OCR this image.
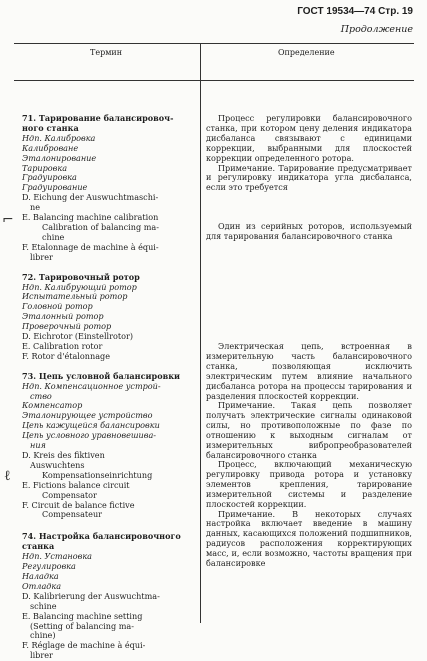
ГОСТ 19534—74 Стр. 19
Продолжение
Термин	Определение
⌐
ℓ
71. Тарирование балансировоч-
ного станка
Ндп. Калибровка
Калиброване
Эталонирование
Тарировка
Градуировка
Градуирование
D. Eichung der Auswuchtmaschi-
ne
E. Balancing machine calibration
Calibration of balancing ma-
chine
F. Etalonnage de machine à équi-
librer
72. Тарировочный ротор
Ндп. Калибрующий ротор
Испытательный ротор
Головной ротор
Эталонный ротор
Проверочный ротор
D. Eichrotor (Einstellrotor)
E. Calibration rotor
F. Rotor d'étalonnage
73. Цепь условной балансировки
Ндп. Компенсационное устрой-
ство
Компенсатор
Эталонирующее устройство
Цепь кажущейся балансировки
Цепь условного уравновешива-
ния
D. Kreis des fiktiven
Auswuchtens
Kompensationseinrichtung
E. Fictions balance circuit
Compensator
F. Circuit de balance fictive
Compensateur
74. Настройка балансировочного
станка
Ндп. Установка
Регулировка
Наладка
Отладка
D. Kalibrierung der Auswuchtma-
schine
E. Balancing machine setting
(Setting of balancing ma-
chine)
F. Réglage de machine à équi-
librer
Процесс регулировки балансировочного станка, при котором цену деления индикатора дисбаланса связывают с единицами коррекции, выбранными для плоскостей коррекции определенного ротора.
Примечание. Тарирование предусматривает и регулировку индикатора угла дисбаланса, если это требуется
Один из серийных роторов, используемый для тарирования балансировочного станка
Электрическая цепь, встроенная в измерительную часть балансировочного станка, позволяющая исключить электрическим путем влияние начального дисбаланса ротора на процессы тарирования и разделения плоскостей коррекции.
Примечание. Такая цепь позволяет получать электрические сигналы одинаковой силы, но противоположные по фазе по отношению к выходным сигналам от измерительных вибропреобразователей балансировочного станка
Процесс, включающий механическую регулировку привода ротора и установку элементов крепления, тарирование измерительной системы и разделение плоскостей коррекции.
Примечание. В некоторых случаях настройка включает введение в машину данных, касающихся положений подшипников, радиусов расположения корректирующих масс, и, если возможно, частоты вращения при балансировке
